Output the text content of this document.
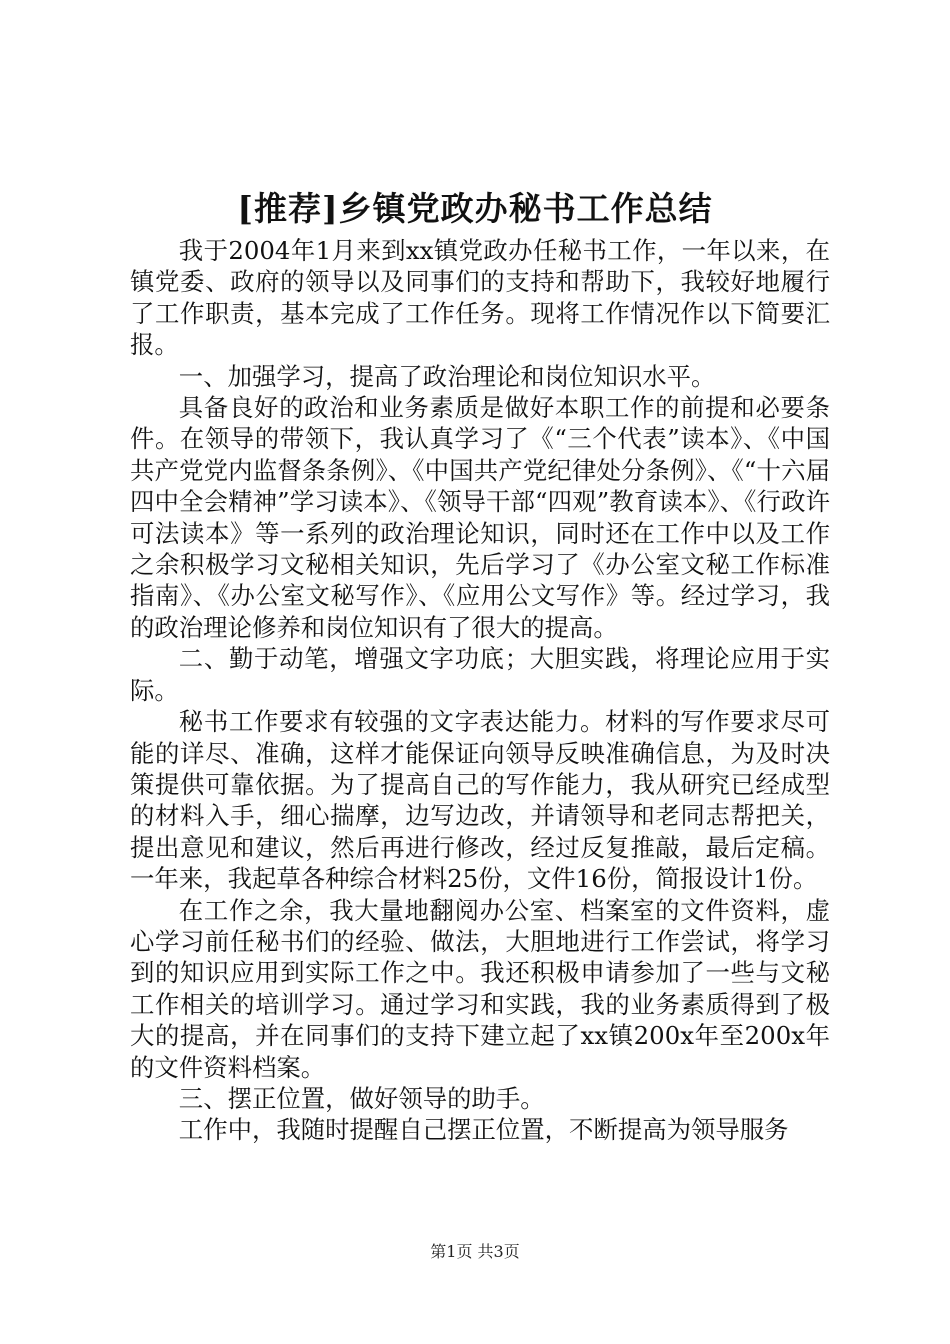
[推荐]乡镇党政办秘书工作总结

我于2004年1月来到xx镇党政办任秘书工作，一年以来，在镇党委、政府的领导以及同事们的支持和帮助下，我较好地履行了工作职责，基本完成了工作任务。现将工作情况作以下简要汇报。

一、加强学习，提高了政治理论和岗位知识水平。

具备良好的政治和业务素质是做好本职工作的前提和必要条件。在领导的带领下，我认真学习了《“三个代表”读本》、《中国共产党党内监督条条例》、《中国共产党纪律处分条例》、《“十六届四中全会精神”学习读本》、《领导干部“四观”教育读本》、《行政许可法读本》等一系列的政治理论知识，同时还在工作中以及工作之余积极学习文秘相关知识，先后学习了《办公室文秘工作标准指南》、《办公室文秘写作》、《应用公文写作》等。经过学习，我的政治理论修养和岗位知识有了很大的提高。

二、勤于动笔，增强文字功底；大胆实践，将理论应用于实际。

秘书工作要求有较强的文字表达能力。材料的写作要求尽可能的详尽、准确，这样才能保证向领导反映准确信息，为及时决策提供可靠依据。为了提高自己的写作能力，我从研究已经成型的材料入手，细心揣摩，边写边改，并请领导和老同志帮把关，提出意见和建议，然后再进行修改，经过反复推敲，最后定稿。一年来，我起草各种综合材料25份，文件16份，简报设计1份。

在工作之余，我大量地翻阅办公室、档案室的文件资料，虚心学习前任秘书们的经验、做法，大胆地进行工作尝试，将学习到的知识应用到实际工作之中。我还积极申请参加了一些与文秘工作相关的培训学习。通过学习和实践，我的业务素质得到了极大的提高，并在同事们的支持下建立起了xx镇200x年至200x年的文件资料档案。

三、摆正位置，做好领导的助手。

工作中，我随时提醒自己摆正位置，不断提高为领导服务

第1页 共3页
